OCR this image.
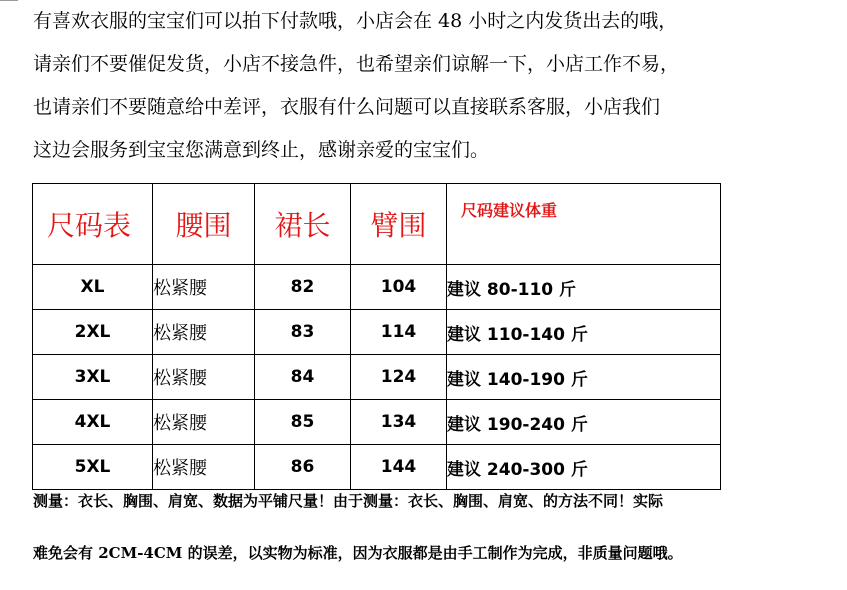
有喜欢衣服的宝宝们可以拍下付款哦，小店会在 48 小时之内发货出去的哦，
请亲们不要催促发货，小店不接急件，也希望亲们谅解一下，小店工作不易，
也请亲们不要随意给中差评，衣服有什么问题可以直接联系客服，小店我们
这边会服务到宝宝您满意到终止，感谢亲爱的宝宝们。
尺码表	腰围	裙长	臂围	尺码建议体重
XL	松紧腰	82	104	建议 80-110 斤
2XL	松紧腰	83	114	建议 110-140 斤
3XL	松紧腰	84	124	建议 140-190 斤
4XL	松紧腰	85	134	建议 190-240 斤
5XL	松紧腰	86	144	建议 240-300 斤
测量：衣长、胸围、肩宽、数据为平铺尺量！由于测量：衣长、胸围、肩宽、的方法不同！实际
难免会有 2CM-4CM 的误差，以实物为标准，因为衣服都是由手工制作为完成，非质量问题哦。
